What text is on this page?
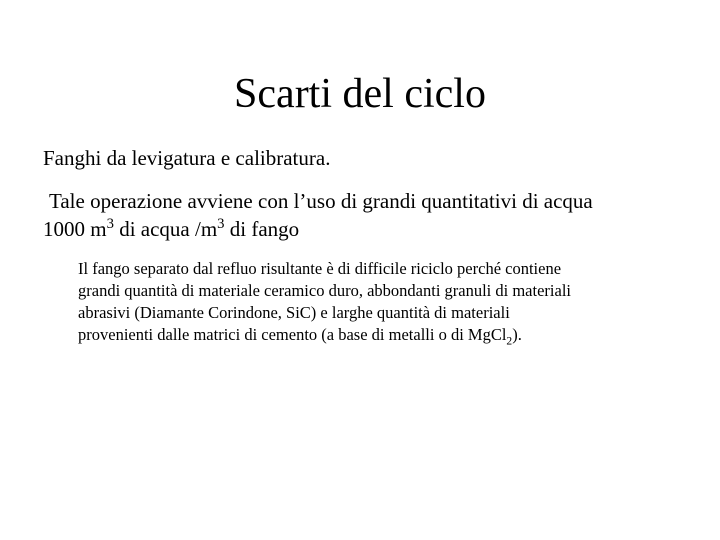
Scarti del ciclo

Fanghi da levigatura e calibratura.

Tale operazione avviene con l’uso di grandi quantitativi di acqua
1000 $m^3$ di acqua $/m^3$ di fango

Il fango separato dal refluo risultante è di difficile riciclo perché contiene
grandi quantità di materiale ceramico duro, abbondanti granuli di materiali
abrasivi (Diamante Corindone, SiC) e larghe quantità di materiali
provenienti dalle matrici di cemento (a base di metalli o di MgCl$_2$).
